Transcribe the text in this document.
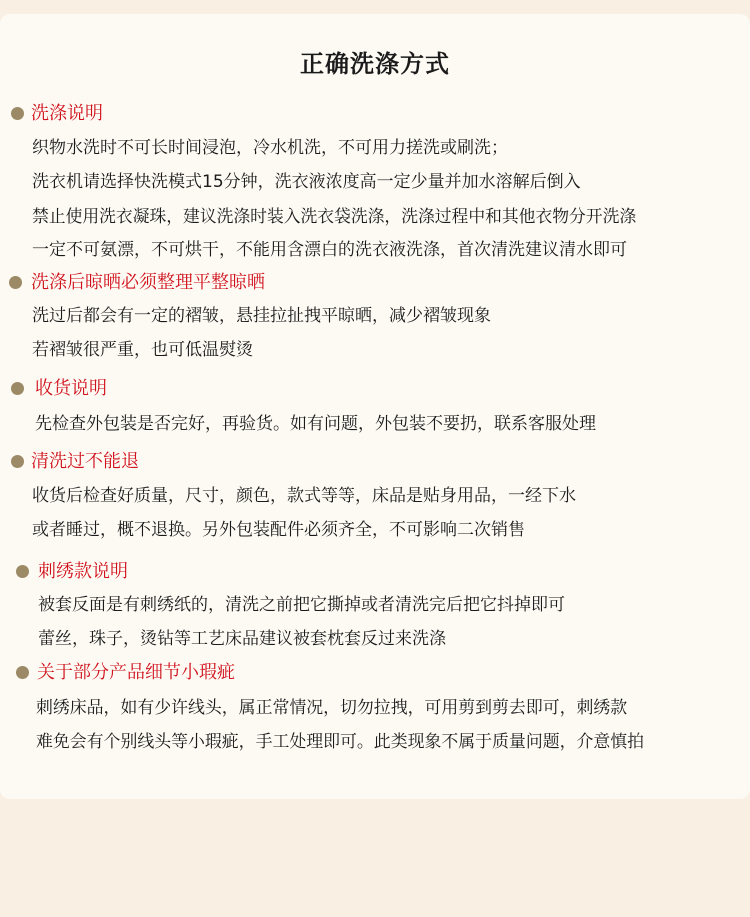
正确洗涤方式
洗涤说明
织物水洗时不可长时间浸泡，冷水机洗，不可用力搓洗或刷洗；
洗衣机请选择快洗模式15分钟，洗衣液浓度高一定少量并加水溶解后倒入
禁止使用洗衣凝珠，建议洗涤时装入洗衣袋洗涤，洗涤过程中和其他衣物分开洗涤
一定不可氨漂，不可烘干，不能用含漂白的洗衣液洗涤，首次清洗建议清水即可
洗涤后晾晒必须整理平整晾晒
洗过后都会有一定的褶皱，悬挂拉扯拽平晾晒，减少褶皱现象
若褶皱很严重，也可低温熨烫
收货说明
先检查外包装是否完好，再验货。如有问题，外包装不要扔，联系客服处理
清洗过不能退
收货后检查好质量，尺寸，颜色，款式等等，床品是贴身用品，一经下水
或者睡过，概不退换。另外包装配件必须齐全，不可影响二次销售
刺绣款说明
被套反面是有刺绣纸的，清洗之前把它撕掉或者清洗完后把它抖掉即可
蕾丝，珠子，烫钻等工艺床品建议被套枕套反过来洗涤
关于部分产品细节小瑕疵
刺绣床品，如有少许线头，属正常情况，切勿拉拽，可用剪到剪去即可，刺绣款
难免会有个别线头等小瑕疵，手工处理即可。此类现象不属于质量问题，介意慎拍
